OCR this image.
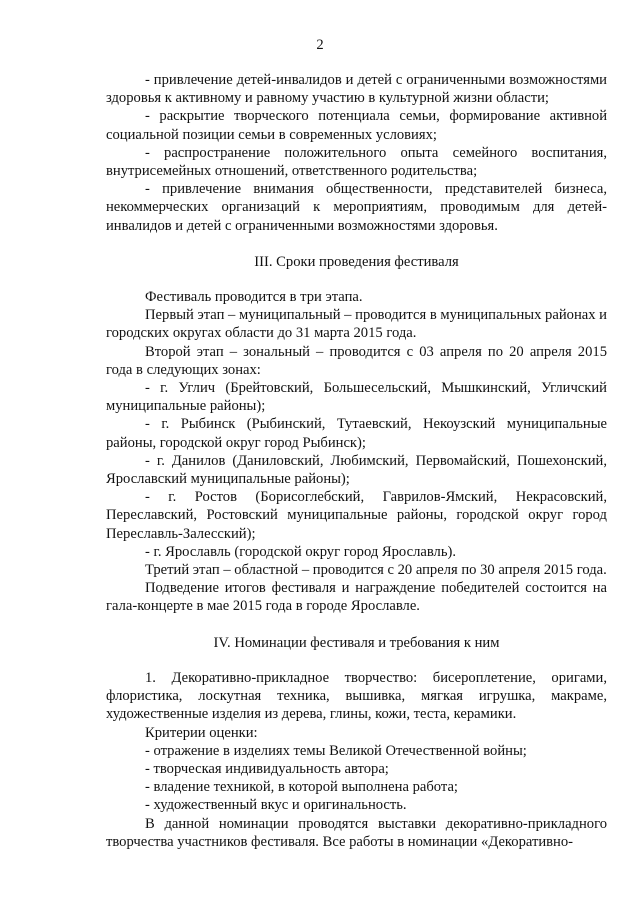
2

- привлечение детей-инвалидов и детей с ограниченными возможностями здоровья к активному и равному участию в культурной жизни области;

- раскрытие творческого потенциала семьи, формирование активной социальной позиции семьи в современных условиях;

- распространение положительного опыта семейного воспитания, внутрисемейных отношений, ответственного родительства;

- привлечение внимания общественности, представителей бизнеса, некоммерческих организаций к мероприятиям, проводимым для детей-инвалидов и детей с ограниченными возможностями здоровья.

III. Сроки проведения фестиваля

Фестиваль проводится в три этапа.

Первый этап – муниципальный – проводится в муниципальных районах и городских округах области до 31 марта 2015 года.

Второй этап – зональный – проводится с 03 апреля по 20 апреля 2015 года в следующих зонах:

- г. Углич (Брейтовский, Большесельский, Мышкинский, Угличский муниципальные районы);

- г. Рыбинск (Рыбинский, Тутаевский, Некоузский муниципальные районы, городской округ город Рыбинск);

- г. Данилов (Даниловский, Любимский, Первомайский, Пошехонский, Ярославский муниципальные районы);

- г. Ростов (Борисоглебский, Гаврилов-Ямский, Некрасовский, Переславский, Ростовский муниципальные районы, городской округ город Переславль-Залесский);

- г. Ярославль (городской округ город Ярославль).

Третий этап – областной – проводится с 20 апреля по 30 апреля 2015 года.

Подведение итогов фестиваля и награждение победителей состоится на гала-концерте в мае 2015 года в городе Ярославле.

IV. Номинации фестиваля и требования к ним

1. Декоративно-прикладное творчество: бисероплетение, оригами, флористика, лоскутная техника, вышивка, мягкая игрушка, макраме, художественные изделия из дерева, глины, кожи, теста, керамики.

Критерии оценки:

- отражение в изделиях темы Великой Отечественной войны;

- творческая индивидуальность автора;

- владение техникой, в которой выполнена работа;

- художественный вкус и оригинальность.

В данной номинации проводятся выставки декоративно-прикладного творчества участников фестиваля. Все работы в номинации «Декоративно-
